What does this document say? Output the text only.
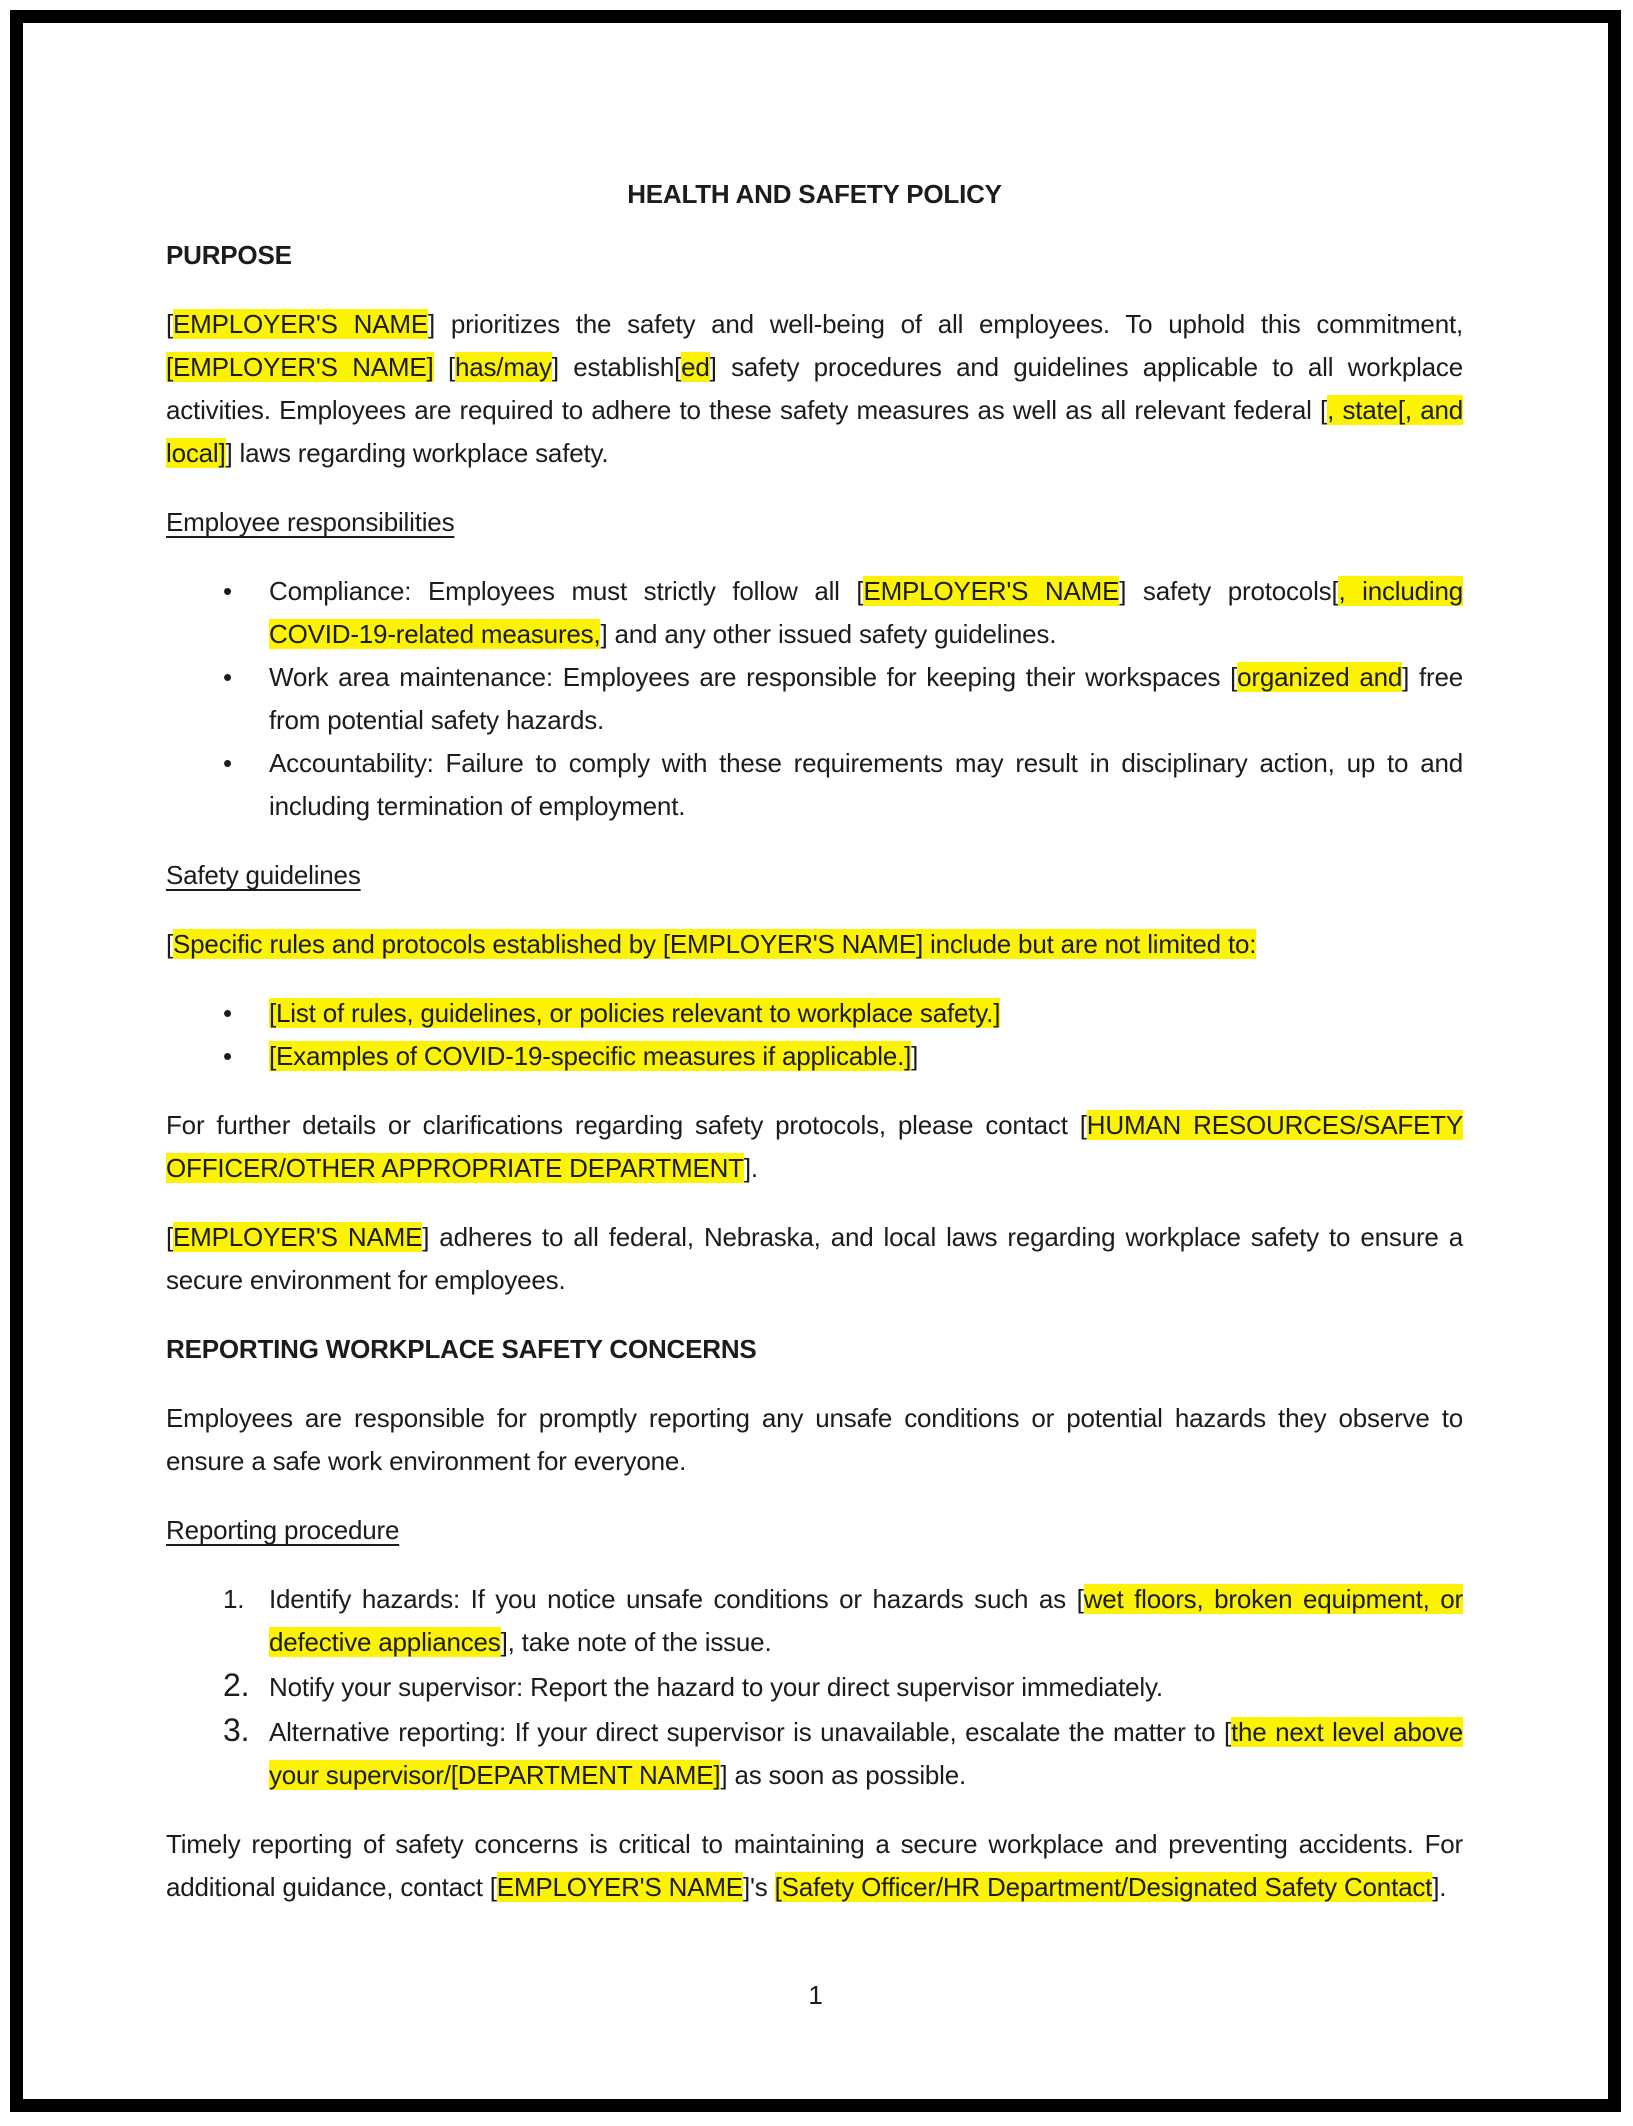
HEALTH AND SAFETY POLICY
PURPOSE

[EMPLOYER'S NAME] prioritizes the safety and well-being of all employees. To uphold this commitment, [EMPLOYER'S NAME] [has/may] establish[ed] safety procedures and guidelines applicable to all workplace activities. Employees are required to adhere to these safety measures as well as all relevant federal [, state[, and local]] laws regarding workplace safety.

Employee responsibilities
•	Compliance: Employees must strictly follow all [EMPLOYER'S NAME] safety protocols[, including COVID-19-related measures,] and any other issued safety guidelines.
•	Work area maintenance: Employees are responsible for keeping their workspaces [organized and] free from potential safety hazards.
•	Accountability: Failure to comply with these requirements may result in disciplinary action, up to and including termination of employment.
Safety guidelines

[Specific rules and protocols established by [EMPLOYER'S NAME] include but are not limited to:

•	[List of rules, guidelines, or policies relevant to workplace safety.]
•	[Examples of COVID-19-specific measures if applicable.]]

For further details or clarifications regarding safety protocols, please contact [HUMAN RESOURCES/SAFETY OFFICER/OTHER APPROPRIATE DEPARTMENT].

[EMPLOYER'S NAME] adheres to all federal, Nebraska, and local laws regarding workplace safety to ensure a secure environment for employees.

REPORTING WORKPLACE SAFETY CONCERNS

Employees are responsible for promptly reporting any unsafe conditions or potential hazards they observe to ensure a safe work environment for everyone.

Reporting procedure
1. Identify hazards: If you notice unsafe conditions or hazards such as [wet floors, broken equipment, or defective appliances], take note of the issue.
2. Notify your supervisor: Report the hazard to your direct supervisor immediately.
3. Alternative reporting: If your direct supervisor is unavailable, escalate the matter to [the next level above your supervisor/[DEPARTMENT NAME]] as soon as possible.

Timely reporting of safety concerns is critical to maintaining a secure workplace and preventing accidents. For additional guidance, contact [EMPLOYER'S NAME]'s [Safety Officer/HR Department/Designated Safety Contact].

1
